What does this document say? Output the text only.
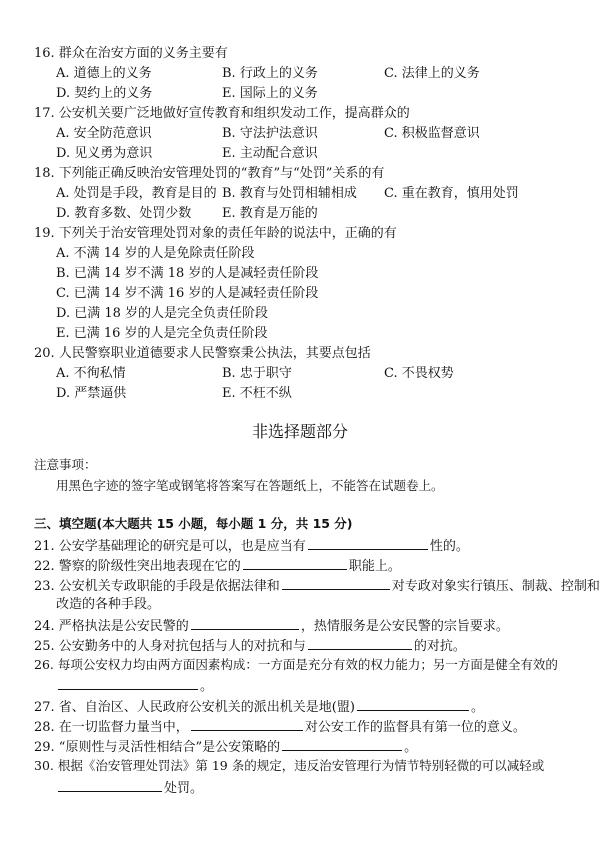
16. 群众在治安方面的义务主要有
A. 道德上的义务	B. 行政上的义务	C. 法律上的义务
D. 契约上的义务	E. 国际上的义务
17. 公安机关要广泛地做好宣传教育和组织发动工作，提高群众的
A. 安全防范意识	B. 守法护法意识	C. 积极监督意识
D. 见义勇为意识	E. 主动配合意识
18. 下列能正确反映治安管理处罚的“教育”与“处罚”关系的有
A. 处罚是手段，教育是目的 B. 教育与处罚相辅相成 C. 重在教育，慎用处罚
D. 教育多数、处罚少数 E. 教育是万能的
19. 下列关于治安管理处罚对象的责任年龄的说法中，正确的有
A. 不满 14 岁的人是免除责任阶段
B. 已满 14 岁不满 18 岁的人是减轻责任阶段
C. 已满 14 岁不满 16 岁的人是减轻责任阶段
D. 已满 18 岁的人是完全负责任阶段
E. 已满 16 岁的人是完全负责任阶段
20. 人民警察职业道德要求人民警察秉公执法，其要点包括
A. 不徇私情	B. 忠于职守	C. 不畏权势
D. 严禁逼供	E. 不枉不纵
非选择题部分
注意事项：
用黑色字迹的签字笔或钢笔将答案写在答题纸上，不能答在试题卷上。
三、填空题(本大题共 15 小题，每小题 1 分，共 15 分)
21. 公安学基础理论的研究是可以，也是应当有	性的。
22. 警察的阶级性突出地表现在它的	职能上。
23. 公安机关专政职能的手段是依据法律和	对专政对象实行镇压、制裁、控制和
改造的各种手段。
24. 严格执法是公安民警的	，热情服务是公安民警的宗旨要求。
25. 公安勤务中的人身对抗包括与人的对抗和与	的对抗。
26. 每项公安权力均由两方面因素构成：一方面是充分有效的权力能力；另一方面是健全有效的
。
27. 省、自治区、人民政府公安机关的派出机关是地(盟)	。
28. 在一切监督力量当中，	对公安工作的监督具有第一位的意义。
29. “原则性与灵活性相结合”是公安策略的	。
30. 根据《治安管理处罚法》第 19 条的规定，违反治安管理行为情节特别轻微的可以减轻或
处罚。
